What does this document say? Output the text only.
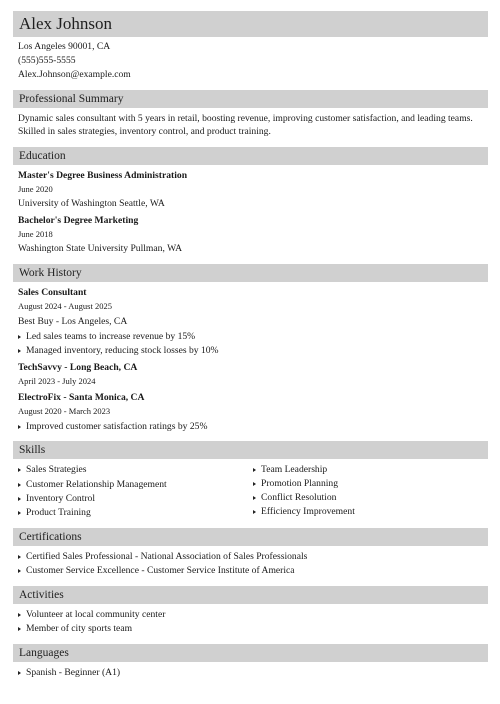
Alex Johnson
Los Angeles 90001, CA
(555)555-5555
Alex.Johnson@example.com
Professional Summary
Dynamic sales consultant with 5 years in retail, boosting revenue, improving customer satisfaction, and leading teams. Skilled in sales strategies, inventory control, and product training.
Education
Master's Degree Business Administration
June 2020
University of Washington Seattle, WA
Bachelor's Degree Marketing
June 2018
Washington State University Pullman, WA
Work History
Sales Consultant
August 2024 - August 2025
Best Buy - Los Angeles, CA
Led sales teams to increase revenue by 15%
Managed inventory, reducing stock losses by 10%
TechSavvy - Long Beach, CA
April 2023 - July 2024
ElectroFix - Santa Monica, CA
August 2020 - March 2023
Improved customer satisfaction ratings by 25%
Skills
Sales Strategies
Customer Relationship Management
Inventory Control
Product Training
Team Leadership
Promotion Planning
Conflict Resolution
Efficiency Improvement
Certifications
Certified Sales Professional - National Association of Sales Professionals
Customer Service Excellence - Customer Service Institute of America
Activities
Volunteer at local community center
Member of city sports team
Languages
Spanish - Beginner (A1)
